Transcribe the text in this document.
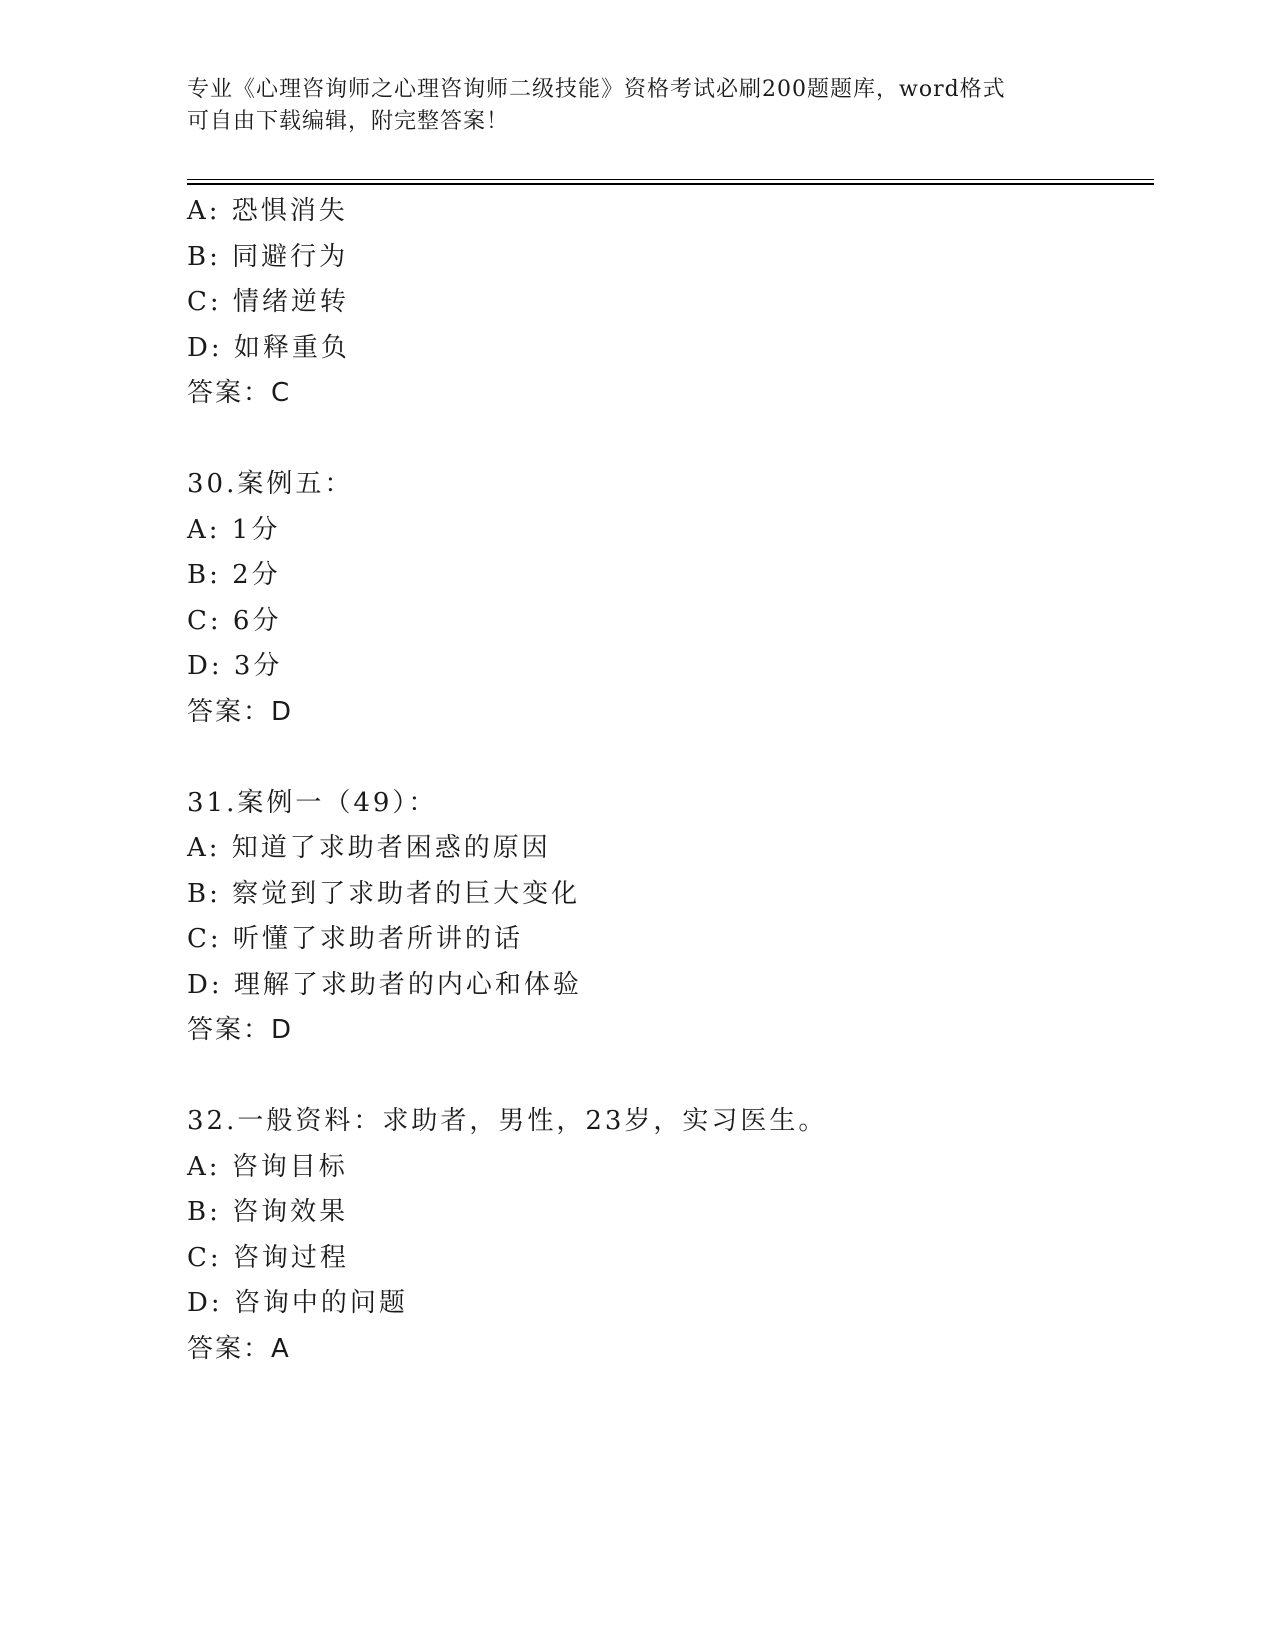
专业《心理咨询师之心理咨询师二级技能》资格考试必刷200题题库，word格式
可自由下载编辑，附完整答案！
A: 恐惧消失
B: 同避行为
C: 情绪逆转
D: 如释重负
答案：C
30.案例五：
A: 1分
B: 2分
C: 6分
D: 3分
答案：D
31.案例一（49）：
A: 知道了求助者困惑的原因
B: 察觉到了求助者的巨大变化
C: 听懂了求助者所讲的话
D: 理解了求助者的内心和体验
答案：D
32.一般资料：求助者，男性，23岁，实习医生。
A: 咨询目标
B: 咨询效果
C: 咨询过程
D: 咨询中的问题
答案：A
